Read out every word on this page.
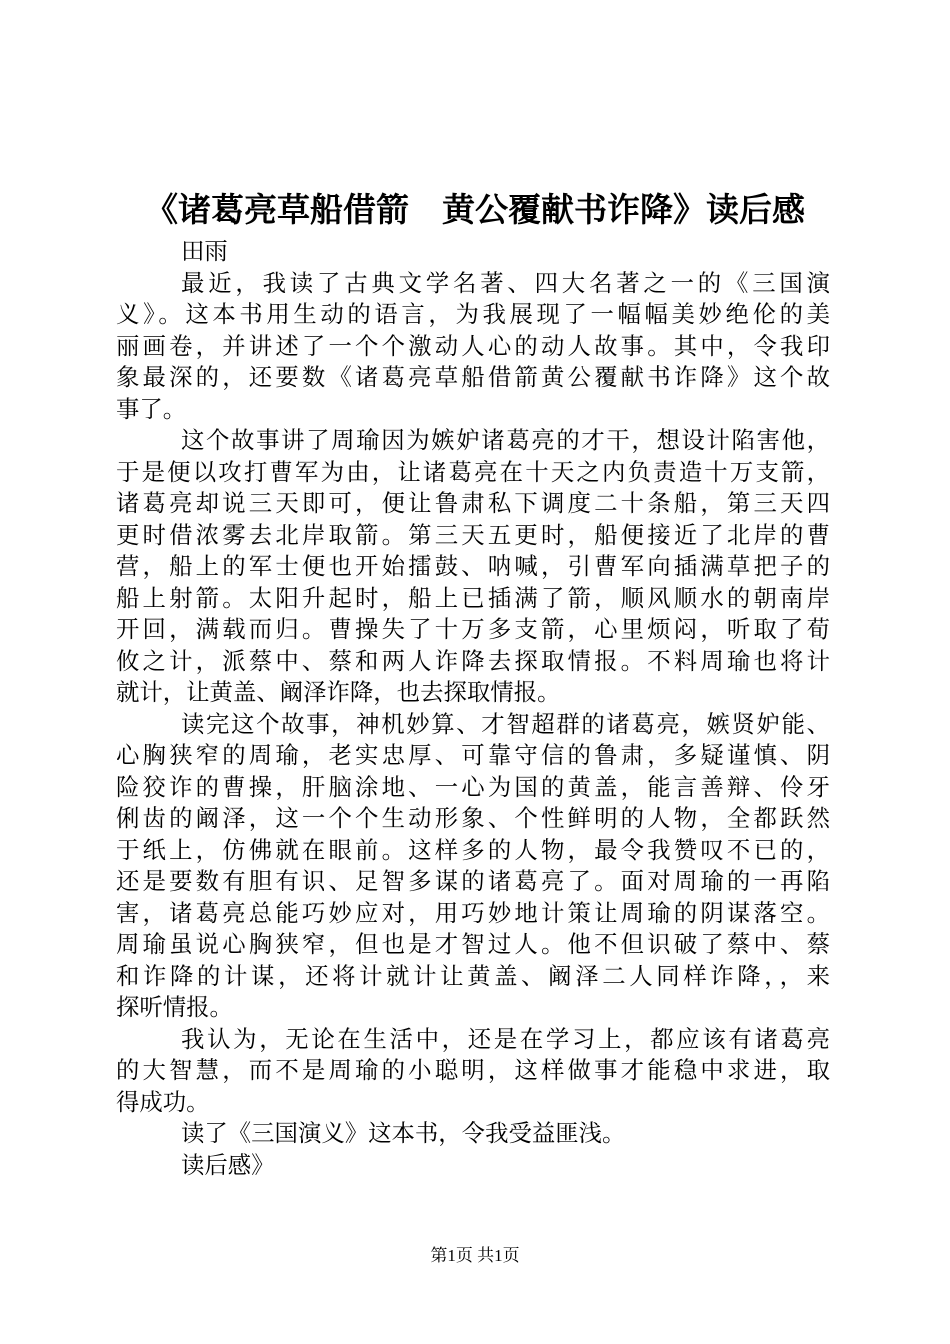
《诸葛亮草船借箭　黄公覆献书诈降》读后感
田雨
最近，我读了古典文学名著、四大名著之一的《三国演
义》。这本书用生动的语言，为我展现了一幅幅美妙绝伦的美
丽画卷，并讲述了一个个激动人心的动人故事。其中，令我印
象最深的，还要数《诸葛亮草船借箭黄公覆献书诈降》这个故
事了。
这个故事讲了周瑜因为嫉妒诸葛亮的才干，想设计陷害他，
于是便以攻打曹军为由，让诸葛亮在十天之内负责造十万支箭，
诸葛亮却说三天即可，便让鲁肃私下调度二十条船，第三天四
更时借浓雾去北岸取箭。第三天五更时，船便接近了北岸的曹
营，船上的军士便也开始擂鼓、呐喊，引曹军向插满草把子的
船上射箭。太阳升起时，船上已插满了箭，顺风顺水的朝南岸
开回，满载而归。曹操失了十万多支箭，心里烦闷，听取了荀
攸之计，派蔡中、蔡和两人诈降去探取情报。不料周瑜也将计
就计，让黄盖、阚泽诈降，也去探取情报。
读完这个故事，神机妙算、才智超群的诸葛亮，嫉贤妒能、
心胸狭窄的周瑜，老实忠厚、可靠守信的鲁肃，多疑谨慎、阴
险狡诈的曹操，肝脑涂地、一心为国的黄盖，能言善辩、伶牙
俐齿的阚泽，这一个个生动形象、个性鲜明的人物，全都跃然
于纸上，仿佛就在眼前。这样多的人物，最令我赞叹不已的，
还是要数有胆有识、足智多谋的诸葛亮了。面对周瑜的一再陷
害，诸葛亮总能巧妙应对，用巧妙地计策让周瑜的阴谋落空。
周瑜虽说心胸狭窄，但也是才智过人。他不但识破了蔡中、蔡
和诈降的计谋，还将计就计让黄盖、阚泽二人同样诈降，，来
探听情报。
我认为，无论在生活中，还是在学习上，都应该有诸葛亮
的大智慧，而不是周瑜的小聪明，这样做事才能稳中求进，取
得成功。
读了《三国演义》这本书，令我受益匪浅。
读后感》
第1页 共1页
